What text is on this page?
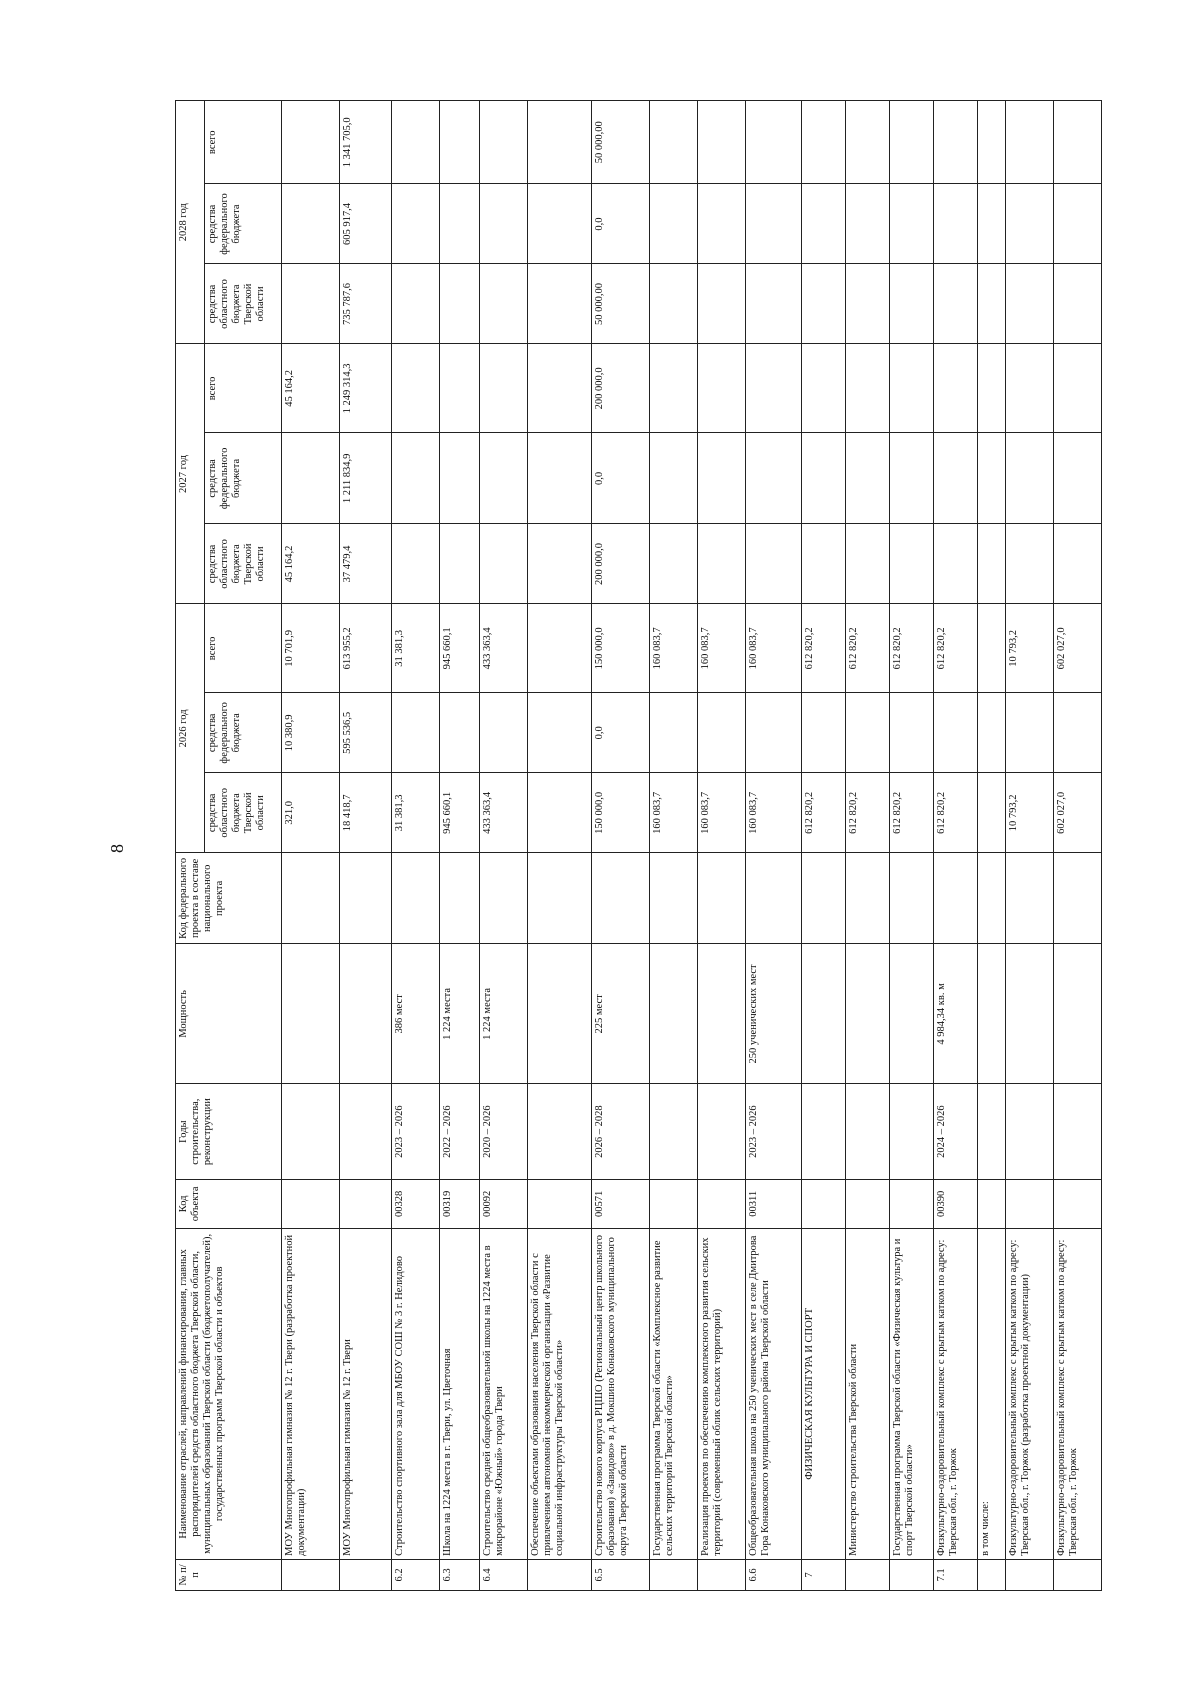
8
№ п/п	Наименование отраслей, направлений финансирования, главных распорядителей средств областного бюджета Тверской области, муниципальных образований Тверской области (бюджетополучателей), государственных программ Тверской области и объектов	Код объекта	Годы строительства, реконструкции	Мощность	Код федерального проекта в составе национального проекта	2026 год			2027 год			2028 год		
						средства областного бюджета Тверской области	средства федерального бюджета	всего	средства областного бюджета Тверской области	средства федерального бюджета	всего	средства областного бюджета Тверской области	средства федерального бюджета	всего
	МОУ Многопрофильная гимназия № 12 г. Твери (разработка проектной документации)					321,0	10 380,9	10 701,9	45 164,2		45 164,2			
	МОУ Многопрофильная гимназия № 12 г. Твери					18 418,7	595 536,5	613 955,2	37 479,4	1 211 834,9	1 249 314,3	735 787,6	605 917,4	1 341 705,0
6.2	Строительство спортивного зала для МБОУ СОШ № 3 г. Нелидово	00328	2023 – 2026	386 мест		31 381,3		31 381,3						
6.3	Школа на 1224 места в г. Твери, ул. Цветочная	00319	2022 – 2026	1 224 места		945 660,1		945 660,1						
6.4	Строительство средней общеобразовательной школы на 1224 места в микрорайоне «Южный» города Твери	00092	2020 – 2026	1 224 места		433 363,4		433 363,4						
	Обеспечение объектами образования населения Тверской области с привлечением автономной некоммерческой организации «Развитие социальной инфраструктуры Тверской области»													
6.5	Строительство нового корпуса РЦШО (Региональный центр школьного образования) «Завидово» в д. Мокшино Конаковского муниципального округа Тверской области	00571	2026 – 2028	225 мест		150 000,0	0,0	150 000,0	200 000,0	0,0	200 000,0	50 000,00	0,0	50 000,00
	Государственная программа Тверской области «Комплексное развитие сельских территорий Тверской области»					160 083,7		160 083,7						
	Реализация проектов по обеспечению комплексного развития сельских территорий (современный облик сельских территорий)					160 083,7		160 083,7						
6.6	Общеобразовательная школа на 250 ученических мест в селе Дмитрова Гора Конаковского муниципального района Тверской области	00311	2023 – 2026	250 ученических мест		160 083,7		160 083,7						
7	ФИЗИЧЕСКАЯ КУЛЬТУРА И СПОРТ					612 820,2		612 820,2						
	Министерство строительства Тверской области					612 820,2		612 820,2						
	Государственная программа Тверской области «Физическая культура и спорт Тверской области»					612 820,2		612 820,2						
7.1	Физкультурно-оздоровительный комплекс с крытым катком по адресу: Тверская обл., г. Торжок	00390	2024 – 2026	4 984,34 кв. м		612 820,2		612 820,2						
	в том числе:													
	Физкультурно-оздоровительный комплекс с крытым катком по адресу: Тверская обл., г. Торжок (разработка проектной документации)					10 793,2		10 793,2						
	Физкультурно-оздоровительный комплекс с крытым катком по адресу: Тверская обл., г. Торжок					602 027,0		602 027,0						
